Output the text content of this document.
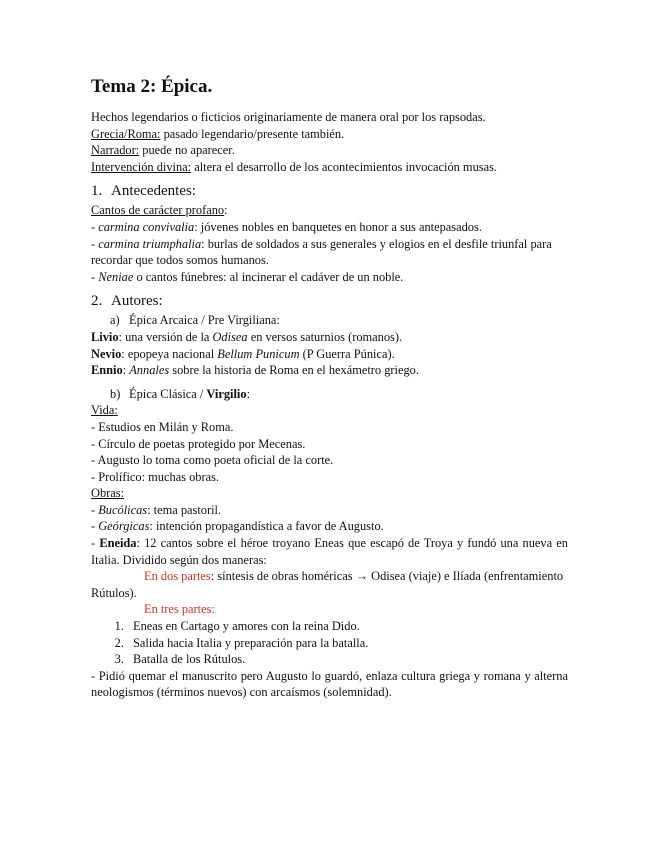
Tema 2: Épica.

Hechos legendarios o ficticios originariamente de manera oral por los rapsodas.

Grecia/Roma: pasado legendario/presente también.

Narrador: puede no aparecer.

Intervención divina: altera el desarrollo de los acontecimientos invocación musas.

1. Antecedentes:

Cantos de carácter profano:

- carmina convivalia: jóvenes nobles en banquetes en honor a sus antepasados.

- carmina triumphalia: burlas de soldados a sus generales y elogios en el desfile triunfal para recordar que todos somos humanos.

- Neniae o cantos fúnebres: al incinerar el cadáver de un noble.

2. Autores:

a) Épica Arcaica / Pre Virgiliana:

Livio: una versión de la Odisea en versos saturnios (romanos).

Nevio: epopeya nacional Bellum Punicum (P Guerra Púnica).

Ennio: Annales sobre la historia de Roma en el hexámetro griego.

b) Épica Clásica / Virgilio:

Vida:

- Estudios en Milán y Roma.

- Círculo de poetas protegido por Mecenas.

- Augusto lo toma como poeta oficial de la corte.

- Prolífico: muchas obras.

Obras:

- Bucólicas: tema pastoril.

- Geórgicas: intención propagandística a favor de Augusto.

- Eneida: 12 cantos sobre el héroe troyano Eneas que escapó de Troya y fundó una nueva en Italia. Dividido según dos maneras:

En dos partes: síntesis de obras homéricas → Odisea (viaje) e Ilíada (enfrentamiento Rútulos).

En tres partes:

1. Eneas en Cartago y amores con la reina Dido.
2. Salida hacia Italia y preparación para la batalla.
3. Batalla de los Rútulos.

- Pidió quemar el manuscrito pero Augusto lo guardó, enlaza cultura griega y romana y alterna neologismos (términos nuevos) con arcaísmos (solemnidad).
